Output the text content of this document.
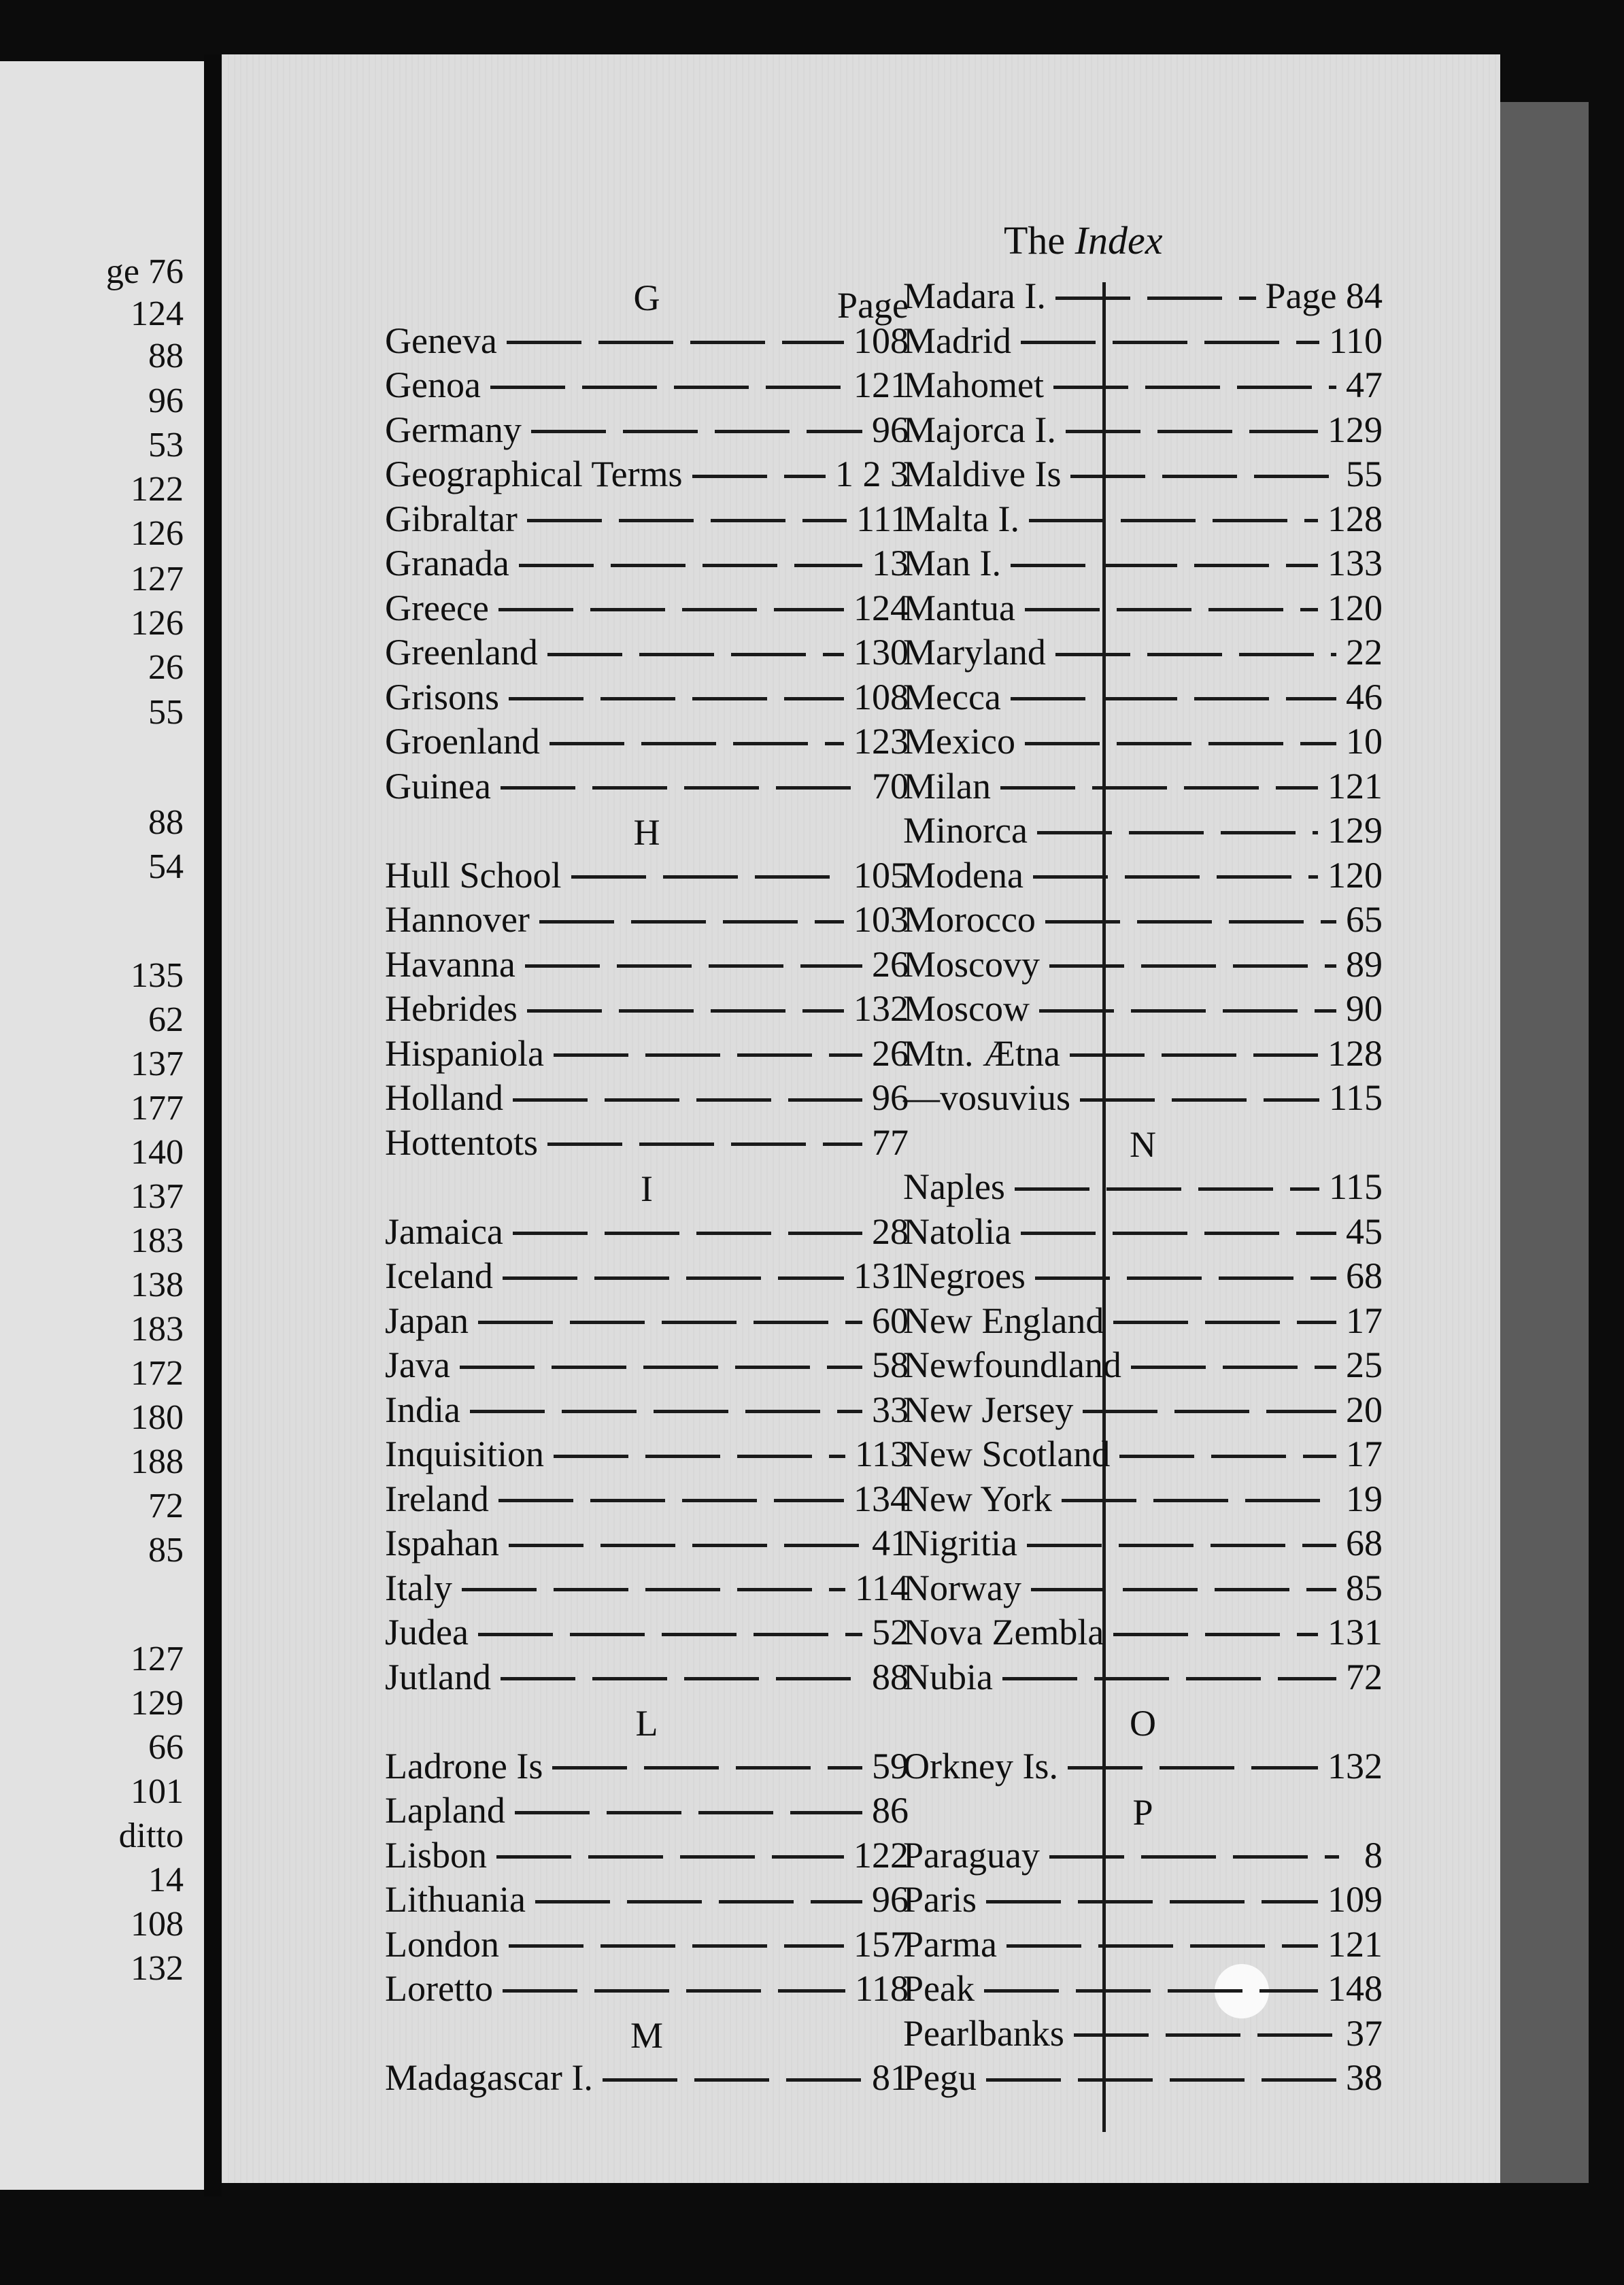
ge 76
124
88
96
53
122
126
127
126
26
55
88
54
135
62
137
177
140
137
183
138
183
172
180
188
72
85
127
129
66
101
ditto
14
108
132
The Index
Page
G
Geneva	108
Genoa	121
Germany	96
Geographical Terms	1 2 3
Gibraltar	111
Granada	13
Greece	124
Greenland	130
Grisons	108
Groenland	123
Guinea	70
H
Hull School	105
Hannover	103
Havanna	26
Hebrides	132
Hispaniola	26
Holland	96
Hottentots	77
I
Jamaica	28
Iceland	131
Japan	60
Java	58
India	33
Inquisition	113
Ireland	134
Ispahan	41
Italy	114
Judea	52
Jutland	88
L
Ladrone Is	59
Lapland	86
Lisbon	122
Lithuania	96
London	157
Loretto	118
M
Madagascar I.	81
Madara I.	Page 84
Madrid	110
Mahomet	47
Majorca I.	129
Maldive Is	55
Malta I.	128
Man I.	133
Mantua	120
Maryland	22
Mecca	46
Mexico	10
Milan	121
Minorca	129
Modena	120
Morocco	65
Moscovy	89
Moscow	90
Mtn. Ætna	128
—vosuvius	115
N
Naples	115
Natolia	45
Negroes	68
New England	17
Newfoundland	25
New Jersey	20
New Scotland	17
New York	19
Nigritia	68
Norway	85
Nova Zembla	131
Nubia	72
O
Orkney Is.	132
P
Paraguay	8
Paris	109
Parma	121
Peak	148
Pearlbanks	37
Pegu	38
